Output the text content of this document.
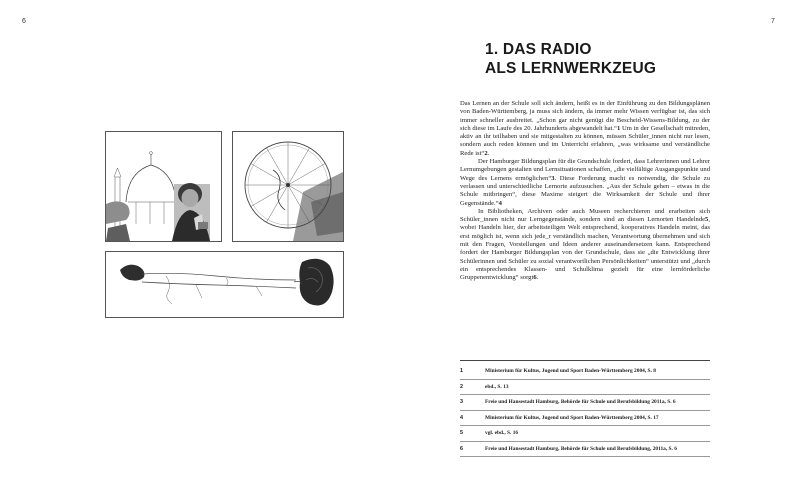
6	7
1. DAS RADIO
ALS LERNWERKZEUG

Das Lernen an der Schule soll sich ändern, heißt es in der Einführung zu den Bildungsplänen von Baden-Württemberg, ja muss sich ändern, da immer mehr Wissen verfügbar ist, das sich immer schneller ausbreitet. „Schon gar nicht genügt die Bescheid-Wissens-Bildung, zu der sich diese im Laufe des 20. Jahrhunderts abgewandelt hat.“1 Um in der Gesellschaft mitreden, aktiv an ihr teilhaben und sie mitgestalten zu können, müssen Schüler_innen nicht nur lesen, sondern auch reden können und im Unterricht erfahren, „was wirksame und verständliche Rede ist“2.

Der Hamburger Bildungsplan für die Grundschule fordert, dass Lehrerinnen und Lehrer Lernumgebungen gestalten und Lernsituationen schaffen, „die vielfältige Ausgangspunkte und Wege des Lernens ermöglichen“3. Diese Forderung macht es notwendig, die Schule zu verlassen und unterschiedliche Lernorte aufzusuchen. „Aus der Schule gehen – etwas in die Schule mitbringen“, diese Maxime steigert die Wirksamkeit der Schule und ihrer Gegenstände.“4

In Bibliotheken, Archiven oder auch Museen recherchieren und erarbeiten sich Schüler_innen nicht nur Lerngegenstände, sondern sind an diesen Lernorten Handelnde5, wobei Handeln hier, der arbeitsteiligen Welt entsprechend, kooperatives Handeln meint, das erst möglich ist, wenn sich jede_r verständlich machen, Verantwortung übernehmen und sich mit den Fragen, Vorstellungen und Ideen anderer auseinandersetzen kann. Entsprechend fordert der Hamburger Bildungsplan von der Grundschule, dass sie „die Entwicklung ihrer Schülerinnen und Schüler zu sozial verantwortlichen Persönlichkeiten“ unterstützt und „durch ein entsprechendes Klassen- und Schulklima gezielt für eine lernförderliche Gruppenentwicklung“ sorgt6.

1	Ministerium für Kultus, Jugend und Sport Baden-Württemberg 2004, S. 8
2	ebd., S. 13
3	Freie und Hansestadt Hamburg, Behörde für Schule und Berufsbildung 2011a, S. 6
4	Ministerium für Kultus, Jugend und Sport Baden-Württemberg 2004, S. 17
5	vgl. ebd., S. 16
6	Freie und Hansestadt Hamburg, Behörde für Schule und Berufsbildung, 2011a, S. 6
